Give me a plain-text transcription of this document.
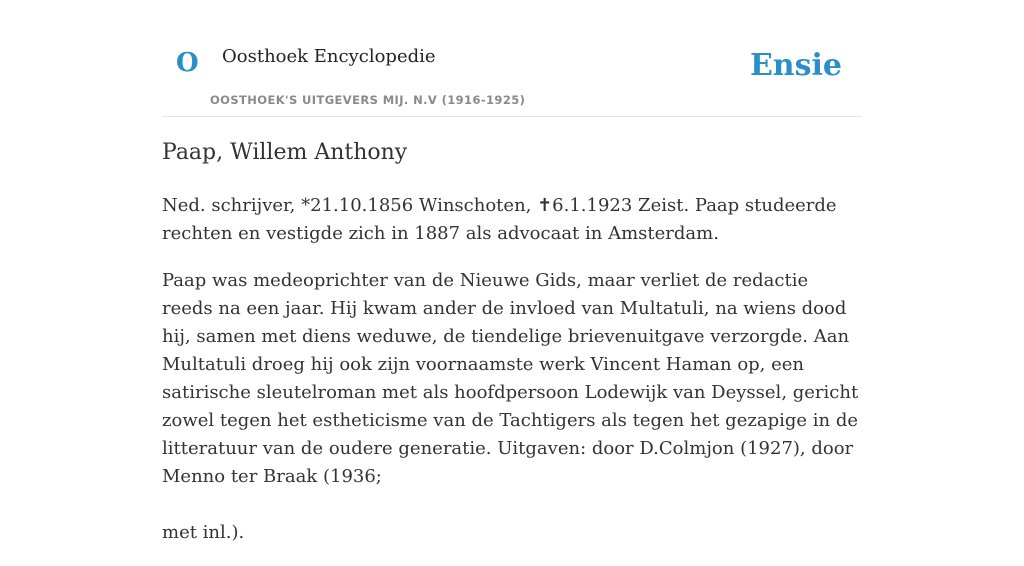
O Oosthoek Encyclopedie
OOSTHOEK'S UITGEVERS MIJ. N.V (1916-1925)
Ensie
Paap, Willem Anthony

Ned. schrijver, *21.10.1856 Winschoten, ✝6.1.1923 Zeist. Paap studeerde rechten en vestigde zich in 1887 als advocaat in Amsterdam.

Paap was medeoprichter van de Nieuwe Gids, maar verliet de redactie reeds na een jaar. Hij kwam ander de invloed van Multatuli, na wiens dood hij, samen met diens weduwe, de tiendelige brievenuitgave verzorgde. Aan Multatuli droeg hij ook zijn voornaamste werk Vincent Haman op, een satirische sleutelroman met als hoofdpersoon Lodewijk van Deyssel, gericht zowel tegen het estheticisme van de Tachtigers als tegen het gezapige in de litteratuur van de oudere generatie. Uitgaven: door D.Colmjon (1927), door Menno ter Braak (1936;

met inl.).
